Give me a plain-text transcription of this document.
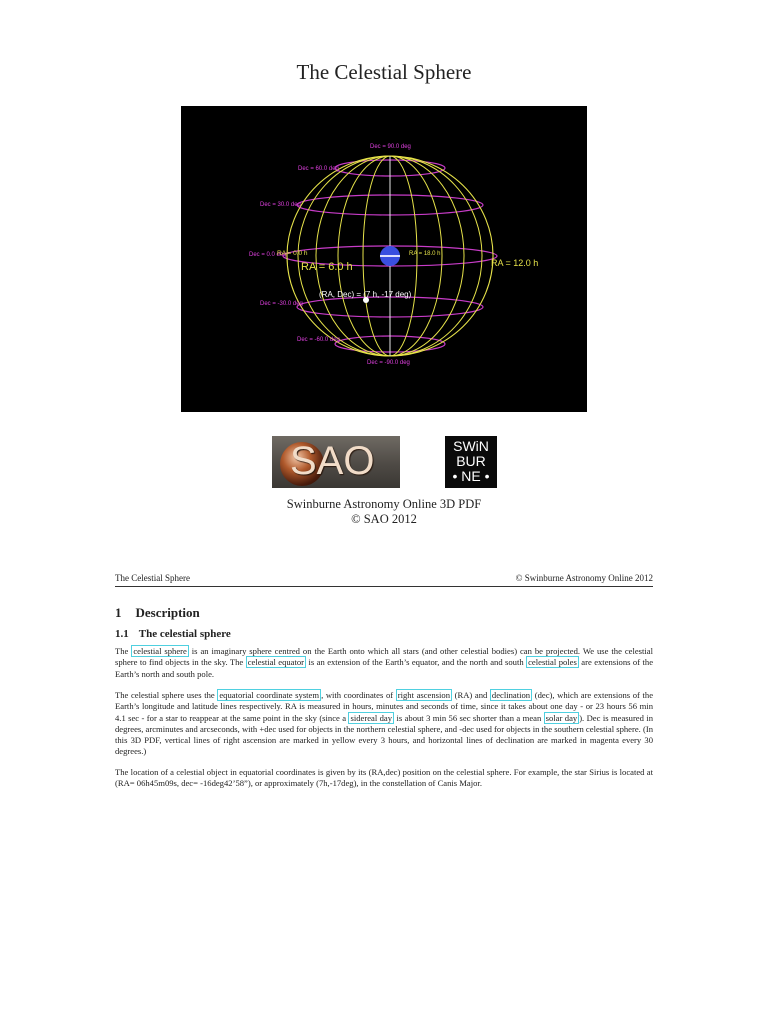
The Celestial Sphere
Dec = 90.0 deg
Dec = 60.0 deg
Dec = 30.0 deg
Dec = 0.0 deg
Dec = -30.0 deg
Dec = -60.0 deg
Dec = -90.0 deg
RA = 0.0 h	RA = 18.0 h
RA = 6.0 h	RA = 12.0 h
(RA, Dec) = (7 h, -17 deg)
SAO	SWiN
BUR
• NE •
Swinburne Astronomy Online 3D PDF
© SAO 2012
The Celestial Sphere	© Swinburne Astronomy Online 2012
1 Description
1.1 The celestial sphere

The celestial sphere is an imaginary sphere centred on the Earth onto which all stars (and other celestial bodies) can be projected. We use the celestial sphere to find objects in the sky. The celestial equator is an extension of the Earth’s equator, and the north and south celestial poles are extensions of the Earth’s north and south pole.

The celestial sphere uses the equatorial coordinate system , with coordinates of right ascension (RA) and declination (dec), which are extensions of the Earth’s longitude and latitude lines respectively. RA is measured in hours, minutes and seconds of time, since it takes about one day - or 23 hours 56 min 4.1 sec - for a star to reappear at the same point in the sky (since a sidereal day is about 3 min 56 sec shorter than a mean solar day ). Dec is measured in degrees, arcminutes and arcseconds, with +dec used for objects in the northern celestial sphere, and -dec used for objects in the southern celestial sphere. (In this 3D PDF, vertical lines of right ascension are marked in yellow every 3 hours, and horizontal lines of declination are marked in magenta every 30 degrees.)

The location of a celestial object in equatorial coordinates is given by its (RA,dec) position on the celestial sphere. For example, the star Sirius is located at (RA= 06h45m09s, dec= -16deg42’58”), or approximately (7h,-17deg), in the constellation of Canis Major.
